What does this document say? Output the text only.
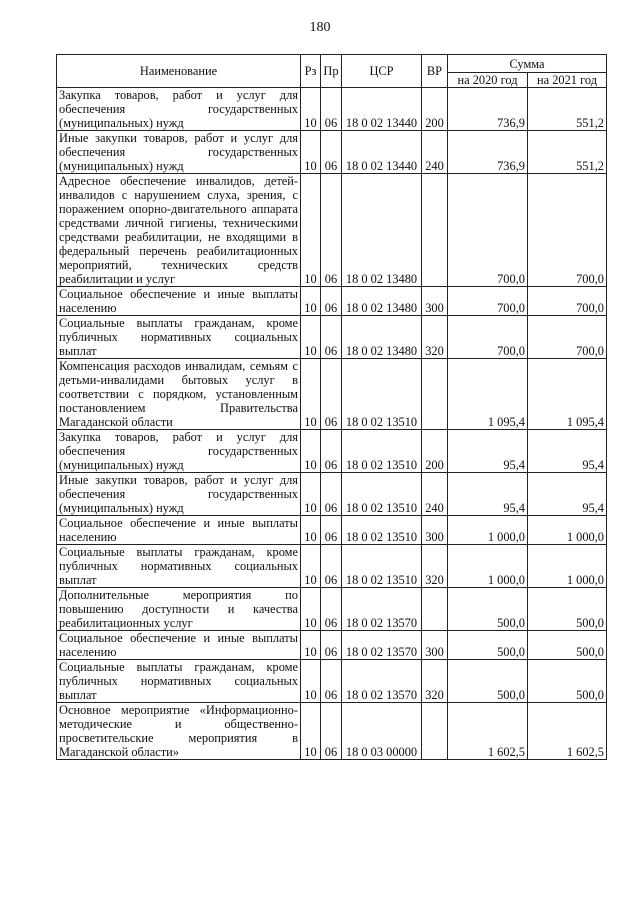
180
Наименование	Рз	Пр	ЦСР	ВР	Сумма	
					на 2020 год	на 2021 год
Закупка товаров, работ и услуг для обеспечения государственных (муниципальных) нужд	10	06	18 0 02 13440	200	736,9	551,2
Иные закупки товаров, работ и услуг для обеспечения государственных (муниципальных) нужд	10	06	18 0 02 13440	240	736,9	551,2
Адресное обеспечение инвалидов, детей-инвалидов с нарушением слуха, зрения, с поражением опорно-двигательного аппарата средствами личной гигиены, техническими средствами реабилитации, не входящими в федеральный перечень реабилитационных мероприятий, технических средств реабилитации и услуг	10	06	18 0 02 13480		700,0	700,0
Социальное обеспечение и иные выплаты населению	10	06	18 0 02 13480	300	700,0	700,0
Социальные выплаты гражданам, кроме публичных нормативных социальных выплат	10	06	18 0 02 13480	320	700,0	700,0
Компенсация расходов инвалидам, семьям с детьми-инвалидами бытовых услуг в соответствии с порядком, установленным постановлением Правительства Магаданской области	10	06	18 0 02 13510		1 095,4	1 095,4
Закупка товаров, работ и услуг для обеспечения государственных (муниципальных) нужд	10	06	18 0 02 13510	200	95,4	95,4
Иные закупки товаров, работ и услуг для обеспечения государственных (муниципальных) нужд	10	06	18 0 02 13510	240	95,4	95,4
Социальное обеспечение и иные выплаты населению	10	06	18 0 02 13510	300	1 000,0	1 000,0
Социальные выплаты гражданам, кроме публичных нормативных социальных выплат	10	06	18 0 02 13510	320	1 000,0	1 000,0
Дополнительные мероприятия по повышению доступности и качества реабилитационных услуг	10	06	18 0 02 13570		500,0	500,0
Социальное обеспечение и иные выплаты населению	10	06	18 0 02 13570	300	500,0	500,0
Социальные выплаты гражданам, кроме публичных нормативных социальных выплат	10	06	18 0 02 13570	320	500,0	500,0
Основное мероприятие «Информационно-методические и общественно-просветительские мероприятия в Магаданской области»	10	06	18 0 03 00000		1 602,5	1 602,5
